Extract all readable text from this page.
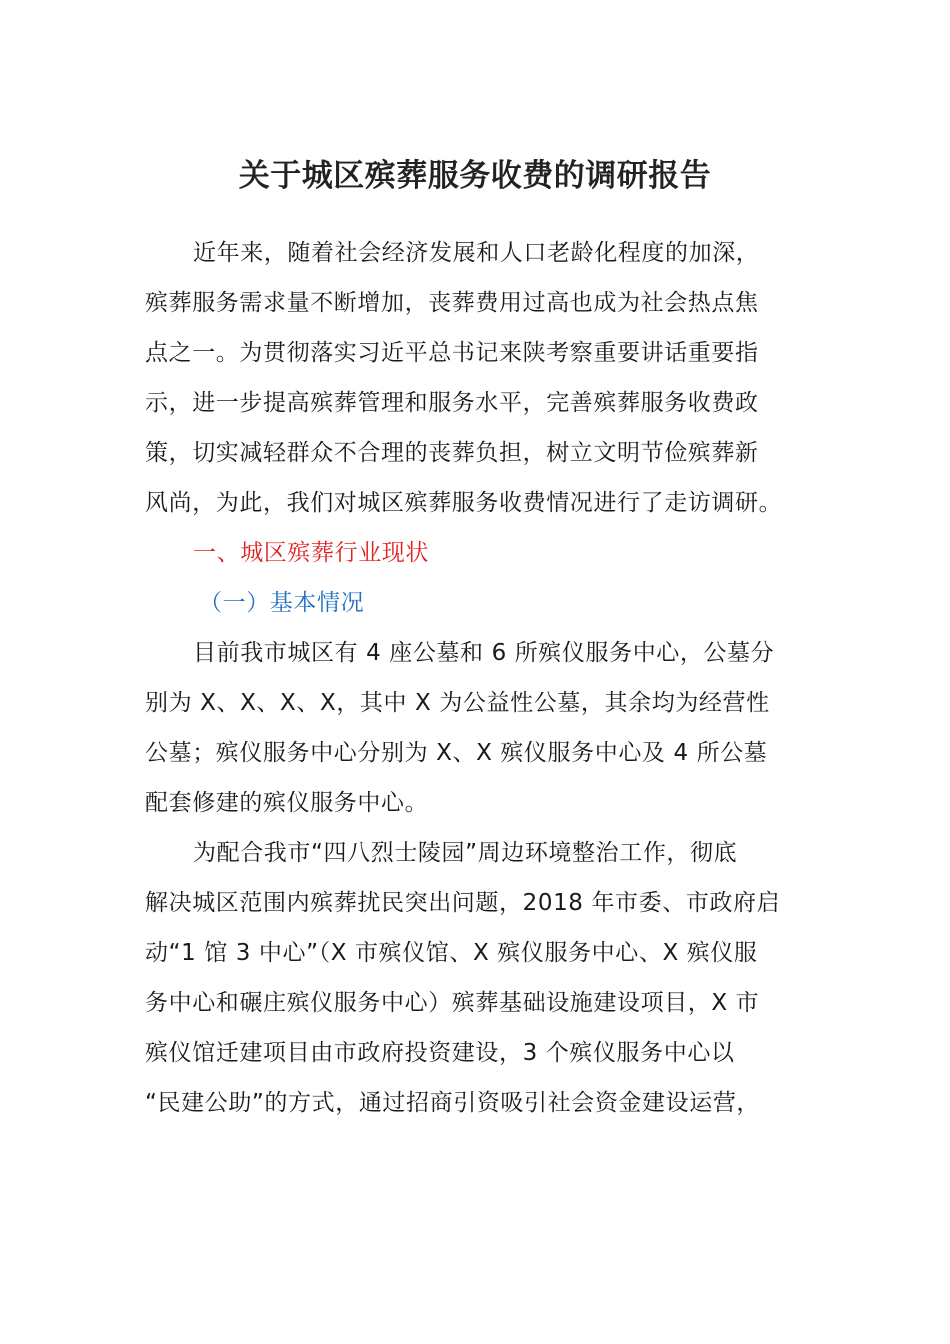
关于城区殡葬服务收费的调研报告
近年来，随着社会经济发展和人口老龄化程度的加深，
殡葬服务需求量不断增加，丧葬费用过高也成为社会热点焦
点之一。为贯彻落实习近平总书记来陕考察重要讲话重要指
示，进一步提高殡葬管理和服务水平，完善殡葬服务收费政
策，切实减轻群众不合理的丧葬负担，树立文明节俭殡葬新
风尚，为此，我们对城区殡葬服务收费情况进行了走访调研。
一、城区殡葬行业现状
（一）基本情况
目前我市城区有 4 座公墓和 6 所殡仪服务中心，公墓分
别为 X、X、X、X，其中 X 为公益性公墓，其余均为经营性
公墓；殡仪服务中心分别为 X、X 殡仪服务中心及 4 所公墓
配套修建的殡仪服务中心。
为配合我市“四八烈士陵园”周边环境整治工作，彻底
解决城区范围内殡葬扰民突出问题，2018 年市委、市政府启
动“1 馆 3 中心”（X 市殡仪馆、X 殡仪服务中心、X 殡仪服
务中心和碾庄殡仪服务中心）殡葬基础设施建设项目，X 市
殡仪馆迁建项目由市政府投资建设，3 个殡仪服务中心以
“民建公助”的方式，通过招商引资吸引社会资金建设运营，
